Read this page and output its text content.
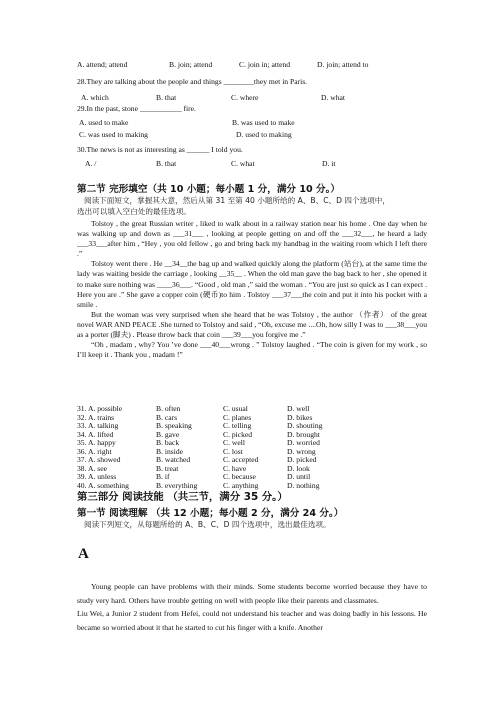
A. attend; attend	B. join; attend	C. join in; attend	D. join; attend to
28.They are talking about the people and things ________they met in Paris.
A. which	B. that	C. where	D. what
29.In the past, stone ___________ fire.
A. used to make	B. was used to make
C. was used to making	D. used to making
30.The news is not as interesting as ______ I told you.
A. /	B. that	C. what	D. it
第二节 完形填空（共 10 小题；每小题 1 分，满分 10 分。）
阅读下面短文，掌握其大意，然后从第 31 至第 40 小题所给的 A、B、C、D 四个选项中，
选出可以填入空白处的最佳选项。

Tolstoy , the great Russian writer , liked to walk about in a railway station near his home . One day when he was walking up and down as ___31___ , looking at people getting on and off the ___32___, he heard a lady ___33___after him , “Hey , you old fellow , go and bring back my handbag in the waiting room which I left there .”

Tolstoy went there . He __34__the bag up and walked quickly along the platform (站台), at the same time the lady was waiting beside the carriage , looking __35__ . When the old man gave the bag back to her , she opened it to make sure nothing was ____36___. “Good , old man ,” said the woman . “You are just so quick as I can expect . Here you are .” She gave a copper coin (硬币)to him . Tolstoy ___37___the coin and put it into his pocket with a smile .

But the woman was very surprised when she heard that he was Tolstoy , the author （作者） of the great novel WAR AND PEACE .She turned to Tolstoy and said , “Oh, excuse me ....Oh, how silly I was to ___38___you as a porter (脚夫) . Please throw back that coin ___39___you forgive me .”

“Oh , madam , why? You ’ve done ___40___wrong . ” Tolstoy laughed . “The coin is given for my work , so I’ll keep it . Thank you , madam !”

31. A. possible	B. often	C. usual	D. well
32. A. trains	B. cars	C. planes	D. bikes
33. A. talking	B. speaking	C. telling	D. shouting
34. A. lifted	B. gave	C. picked	D. brought
35. A. happy	B. back	C. well	D. worried
36. A. right	B. inside	C. lost	D. wrong
37. A. showed	B. watched	C. accepted	D. picked
38. A. see	B. treat	C. have	D. look
39. A. unless	B. if	C. because	D. until
40. A. something	B. everything	C. anything	D. nothing
第三部分 阅读技能 （共三节，满分 35 分。）
第一节 阅读理解 （共 12 小题；每小题 2 分，满分 24 分。）
阅读下列短文，从每题所给的 A、B、C、D 四个选项中，选出最佳选项。
A

Young people can have problems with their minds. Some students become worried because they have to study very hard. Others have trouble getting on well with people like their parents and classmates.

Liu Wei, a Junior 2 student from Hefei, could not understand his teacher and was doing badly in his lessons. He became so worried about it that he started to cut his finger with a knife. Another
